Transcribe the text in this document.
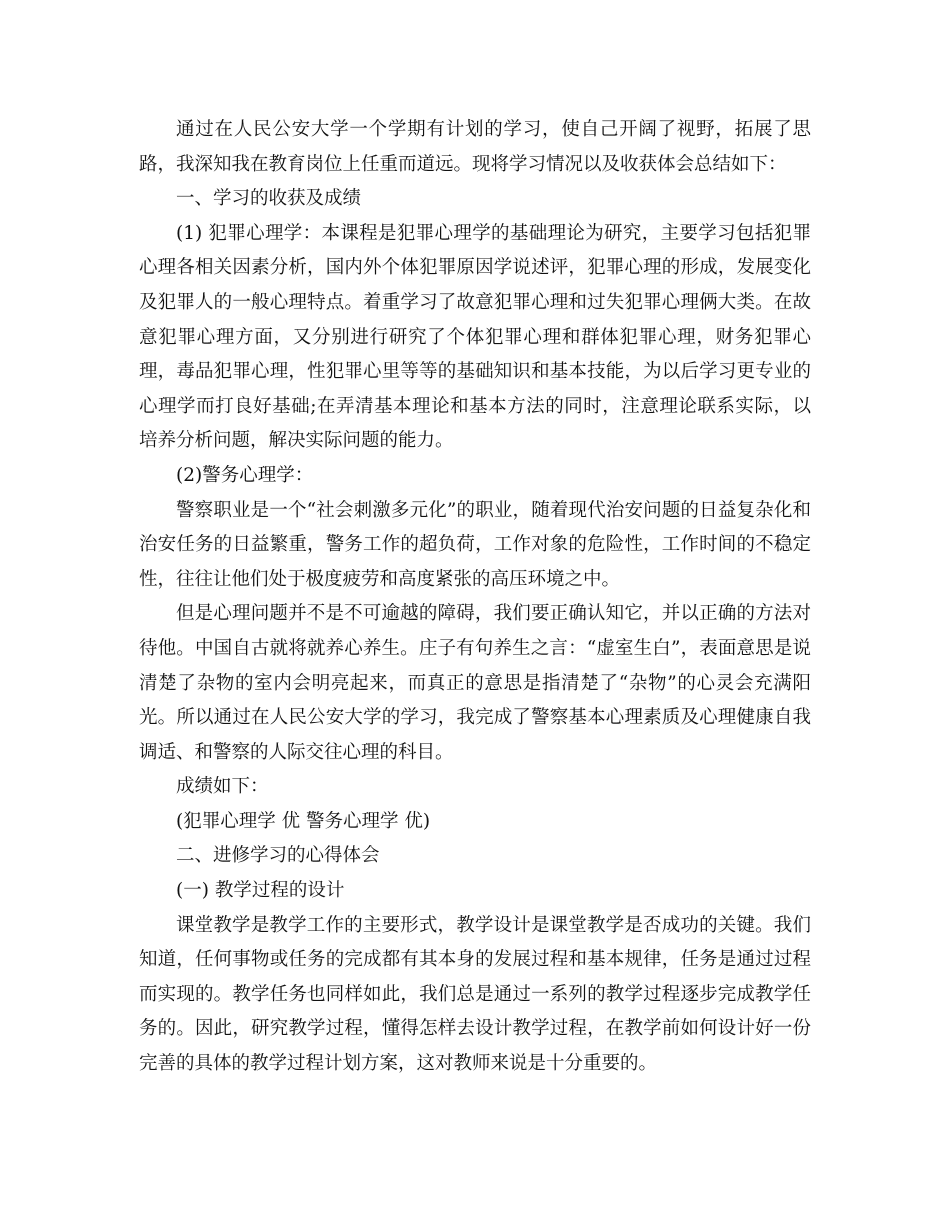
通过在人民公安大学一个学期有计划的学习，使自己开阔了视野，拓展了思路，我深知我在教育岗位上任重而道远。现将学习情况以及收获体会总结如下：

一、学习的收获及成绩

(1) 犯罪心理学：本课程是犯罪心理学的基础理论为研究，主要学习包括犯罪心理各相关因素分析，国内外个体犯罪原因学说述评，犯罪心理的形成，发展变化及犯罪人的一般心理特点。着重学习了故意犯罪心理和过失犯罪心理俩大类。在故意犯罪心理方面，又分别进行研究了个体犯罪心理和群体犯罪心理，财务犯罪心理，毒品犯罪心理，性犯罪心里等等的基础知识和基本技能，为以后学习更专业的心理学而打良好基础;在弄清基本理论和基本方法的同时，注意理论联系实际，以培养分析问题，解决实际问题的能力。

(2)警务心理学：

警察职业是一个“社会刺激多元化”的职业，随着现代治安问题的日益复杂化和治安任务的日益繁重，警务工作的超负荷，工作对象的危险性，工作时间的不稳定性，往往让他们处于极度疲劳和高度紧张的高压环境之中。

但是心理问题并不是不可逾越的障碍，我们要正确认知它，并以正确的方法对待他。中国自古就将就养心养生。庄子有句养生之言：“虚室生白”，表面意思是说清楚了杂物的室内会明亮起来，而真正的意思是指清楚了“杂物”的心灵会充满阳光。所以通过在人民公安大学的学习，我完成了警察基本心理素质及心理健康自我调适、和警察的人际交往心理的科目。

成绩如下：

(犯罪心理学 优 警务心理学 优)

二、进修学习的心得体会

(一) 教学过程的设计

课堂教学是教学工作的主要形式，教学设计是课堂教学是否成功的关键。我们知道，任何事物或任务的完成都有其本身的发展过程和基本规律，任务是通过过程而实现的。教学任务也同样如此，我们总是通过一系列的教学过程逐步完成教学任务的。因此，研究教学过程，懂得怎样去设计教学过程，在教学前如何设计好一份完善的具体的教学过程计划方案，这对教师来说是十分重要的。
